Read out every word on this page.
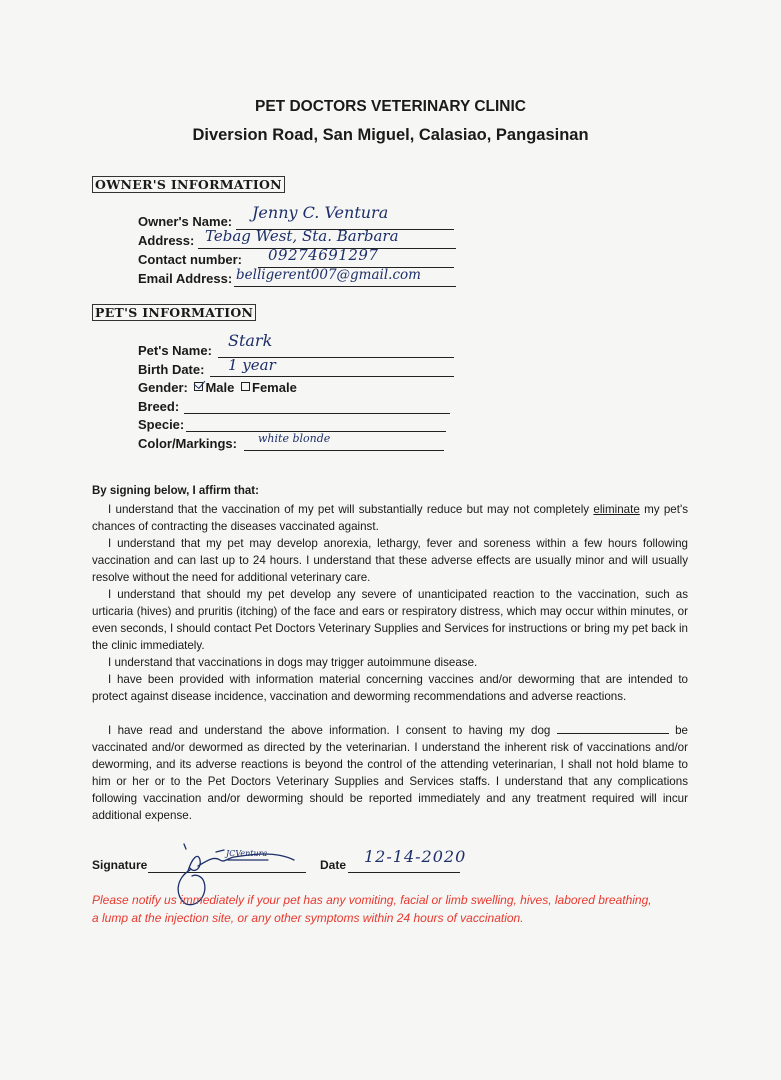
PET DOCTORS VETERINARY CLINIC
Diversion Road, San Miguel, Calasiao, Pangasinan
OWNER'S INFORMATION
Owner's Name: Jenny C. Ventura
Address: Tebag West, Sta. Barbara
Contact number: 09274691297
Email Address: belligerent007@gmail.com
PET'S INFORMATION
Pet's Name:
Stark
Birth Date: 1 year
Gender: Male Female
Breed:
Specie:
Color/Markings: white blonde
By signing below, I affirm that:

I understand that the vaccination of my pet will substantially reduce but may not completely eliminate my pet's chances of contracting the diseases vaccinated against.

I understand that my pet may develop anorexia, lethargy, fever and soreness within a few hours following vaccination and can last up to 24 hours. I understand that these adverse effects are usually minor and will usually resolve without the need for additional veterinary care.

I understand that should my pet develop any severe of unanticipated reaction to the vaccination, such as urticaria (hives) and pruritis (itching) of the face and ears or respiratory distress, which may occur within minutes, or even seconds, I should contact Pet Doctors Veterinary Supplies and Services for instructions or bring my pet back in the clinic immediately.

I understand that vaccinations in dogs may trigger autoimmune disease.

I have been provided with information material concerning vaccines and/or deworming that are intended to protect against disease incidence, vaccination and deworming recommendations and adverse reactions.

I have read and understand the above information. I consent to having my dog	be vaccinated and/or dewormed as directed by the veterinarian. I understand the inherent risk of vaccinations and/or deworming, and its adverse reactions is beyond the control of the attending veterinarian, I shall not hold blame to him or her or to the Pet Doctors Veterinary Supplies and Services staffs. I understand that any complications following vaccination and/or deworming should be reported immediately and any treatment required will incur additional expense.

Signature
JCVentura
Date 12-14-2020
Please notify us immediately if your pet has any vomiting, facial or limb swelling, hives, labored breathing, a lump at the injection site, or any other symptoms within 24 hours of vaccination.
